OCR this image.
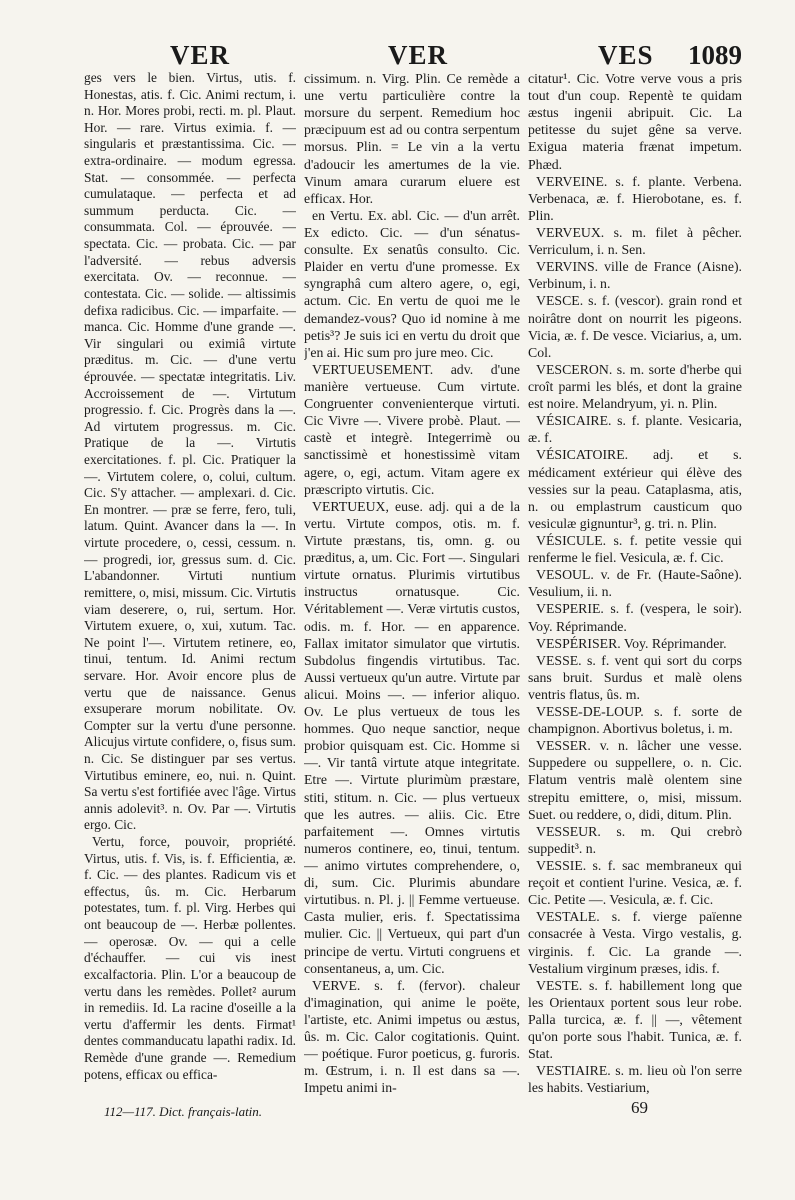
VER	VER	VES 1089

ges vers le bien. Virtus, utis. f. Honestas, atis. f. Cic. Animi rectum, i. n. Hor. Mores probi, recti. m. pl. Plaut. Hor. — rare. Virtus eximia. f. — singularis et præstantissima. Cic. — extra-ordinaire. — modum egressa. Stat. — consommée. — perfecta cumulataque. — perfecta et ad summum perducta. Cic. — consummata. Col. — éprouvée. — spectata. Cic. — probata. Cic. — par l'adversité. — rebus adversis exercitata. Ov. — reconnue. — contestata. Cic. — solide. — altissimis defixa radicibus. Cic. — imparfaite. — manca. Cic. Homme d'une grande —. Vir singulari ou eximiâ virtute præditus. m. Cic. — d'une vertu éprouvée. — spectatæ integritatis. Liv. Accroissement de —. Virtutum progressio. f. Cic. Progrès dans la —. Ad virtutem progressus. m. Cic. Pratique de la —. Virtutis exercitationes. f. pl. Cic. Pratiquer la —. Virtutem colere, o, colui, cultum. Cic. S'y attacher. — amplexari. d. Cic. En montrer. — præ se ferre, fero, tuli, latum. Quint. Avancer dans la —. In virtute procedere, o, cessi, cessum. n. — progredi, ior, gressus sum. d. Cic. L'abandonner. Virtuti nuntium remittere, o, misi, missum. Cic. Virtutis viam deserere, o, rui, sertum. Hor. Virtutem exuere, o, xui, xutum. Tac. Ne point l'—. Virtutem retinere, eo, tinui, tentum. Id. Animi rectum servare. Hor. Avoir encore plus de vertu que de naissance. Genus exsuperare morum nobilitate. Ov. Compter sur la vertu d'une personne. Alicujus virtute confidere, o, fisus sum. n. Cic. Se distinguer par ses vertus. Virtutibus eminere, eo, nui. n. Quint. Sa vertu s'est fortifiée avec l'âge. Virtus annis adolevit³. n. Ov. Par —. Virtutis ergo. Cic.

Vertu, force, pouvoir, propriété. Virtus, utis. f. Vis, is. f. Efficientia, æ. f. Cic. — des plantes. Radicum vis et effectus, ûs. m. Cic. Herbarum potestates, tum. f. pl. Virg. Herbes qui ont beaucoup de —. Herbæ pollentes. — operosæ. Ov. — qui a celle d'échauffer. — cui vis inest excalfactoria. Plin. L'or a beaucoup de vertu dans les remèdes. Pollet² aurum in remediis. Id. La racine d'oseille a la vertu d'affermir les dents. Firmat¹ dentes commanducatu lapathi radix. Id. Remède d'une grande —. Remedium potens, efficax ou effica-

cissimum. n. Virg. Plin. Ce remède a une vertu particulière contre la morsure du serpent. Remedium hoc præcipuum est ad ou contra serpentum morsus. Plin. = Le vin a la vertu d'adoucir les amertumes de la vie. Vinum amara curarum eluere est efficax. Hor.

en Vertu. Ex. abl. Cic. — d'un arrêt. Ex edicto. Cic. — d'un sénatus-consulte. Ex senatûs consulto. Cic. Plaider en vertu d'une promesse. Ex syngraphâ cum altero agere, o, egi, actum. Cic. En vertu de quoi me le demandez-vous? Quo id nomine à me petis³? Je suis ici en vertu du droit que j'en ai. Hic sum pro jure meo. Cic.

VERTUEUSEMENT. adv. d'une manière vertueuse. Cum virtute. Congruenter convenienterque virtuti. Cic Vivre —. Vivere probè. Plaut. — castè et integrè. Integerrimè ou sanctissimè et honestissimè vitam agere, o, egi, actum. Vitam agere ex præscripto virtutis. Cic.

VERTUEUX, euse. adj. qui a de la vertu. Virtute compos, otis. m. f. Virtute præstans, tis, omn. g. ou præditus, a, um. Cic. Fort —. Singulari virtute ornatus. Plurimis virtutibus instructus ornatusque. Cic. Véritablement —. Veræ virtutis custos, odis. m. f. Hor. — en apparence. Fallax imitator simulator que virtutis. Subdolus fingendis virtutibus. Tac. Aussi vertueux qu'un autre. Virtute par alicui. Moins —. — inferior aliquo. Ov. Le plus vertueux de tous les hommes. Quo neque sanctior, neque probior quisquam est. Cic. Homme si —. Vir tantâ virtute atque integritate. Etre —. Virtute plurimùm præstare, stiti, stitum. n. Cic. — plus vertueux que les autres. — aliis. Cic. Etre parfaitement —. Omnes virtutis numeros continere, eo, tinui, tentum. — animo virtutes comprehendere, o, di, sum. Cic. Plurimis abundare virtutibus. n. Pl. j. || Femme vertueuse. Casta mulier, eris. f. Spectatissima mulier. Cic. || Vertueux, qui part d'un principe de vertu. Virtuti congruens et consentaneus, a, um. Cic.

VERVE. s. f. (fervor). chaleur d'imagination, qui anime le poëte, l'artiste, etc. Animi impetus ou æstus, ûs. m. Cic. Calor cogitationis. Quint. — poétique. Furor poeticus, g. furoris. m. Œstrum, i. n. Il est dans sa —. Impetu animi in-

citatur¹. Cic. Votre verve vous a pris tout d'un coup. Repentè te quidam æstus ingenii abripuit. Cic. La petitesse du sujet gêne sa verve. Exigua materia frænat impetum. Phæd.

VERVEINE. s. f. plante. Verbena. Verbenaca, æ. f. Hierobotane, es. f. Plin.

VERVEUX. s. m. filet à pêcher. Verriculum, i. n. Sen.

VERVINS. ville de France (Aisne). Verbinum, i. n.

VESCE. s. f. (vescor). grain rond et noirâtre dont on nourrit les pigeons. Vicia, æ. f. De vesce. Viciarius, a, um. Col.

VESCERON. s. m. sorte d'herbe qui croît parmi les blés, et dont la graine est noire. Melandryum, yi. n. Plin.

VÉSICAIRE. s. f. plante. Vesicaria, æ. f.

VÉSICATOIRE. adj. et s. médicament extérieur qui élève des vessies sur la peau. Cataplasma, atis, n. ou emplastrum causticum quo vesiculæ gignuntur³, g. tri. n. Plin.

VÉSICULE. s. f. petite vessie qui renferme le fiel. Vesicula, æ. f. Cic.

VESOUL. v. de Fr. (Haute-Saône). Vesulium, ii. n.

VESPERIE. s. f. (vespera, le soir). Voy. Réprimande.

VESPÉRISER. Voy. Réprimander.

VESSE. s. f. vent qui sort du corps sans bruit. Surdus et malè olens ventris flatus, ûs. m.

VESSE-DE-LOUP. s. f. sorte de champignon. Abortivus boletus, i. m.

VESSER. v. n. lâcher une vesse. Suppedere ou suppellere, o. n. Cic. Flatum ventris malè olentem sine strepitu emittere, o, misi, missum. Suet. ou reddere, o, didi, ditum. Plin.

VESSEUR. s. m. Qui crebrò suppedit³. n.

VESSIE. s. f. sac membraneux qui reçoit et contient l'urine. Vesica, æ. f. Cic. Petite —. Vesicula, æ. f. Cic.

VESTALE. s. f. vierge païenne consacrée à Vesta. Virgo vestalis, g. virginis. f. Cic. La grande —. Vestalium virginum præses, idis. f.

VESTE. s. f. habillement long que les Orientaux portent sous leur robe. Palla turcica, æ. f. || —, vêtement qu'on porte sous l'habit. Tunica, æ. f. Stat.

VESTIAIRE. s. m. lieu où l'on serre les habits. Vestiarium,

112—117. Dict. français-latin.	69
